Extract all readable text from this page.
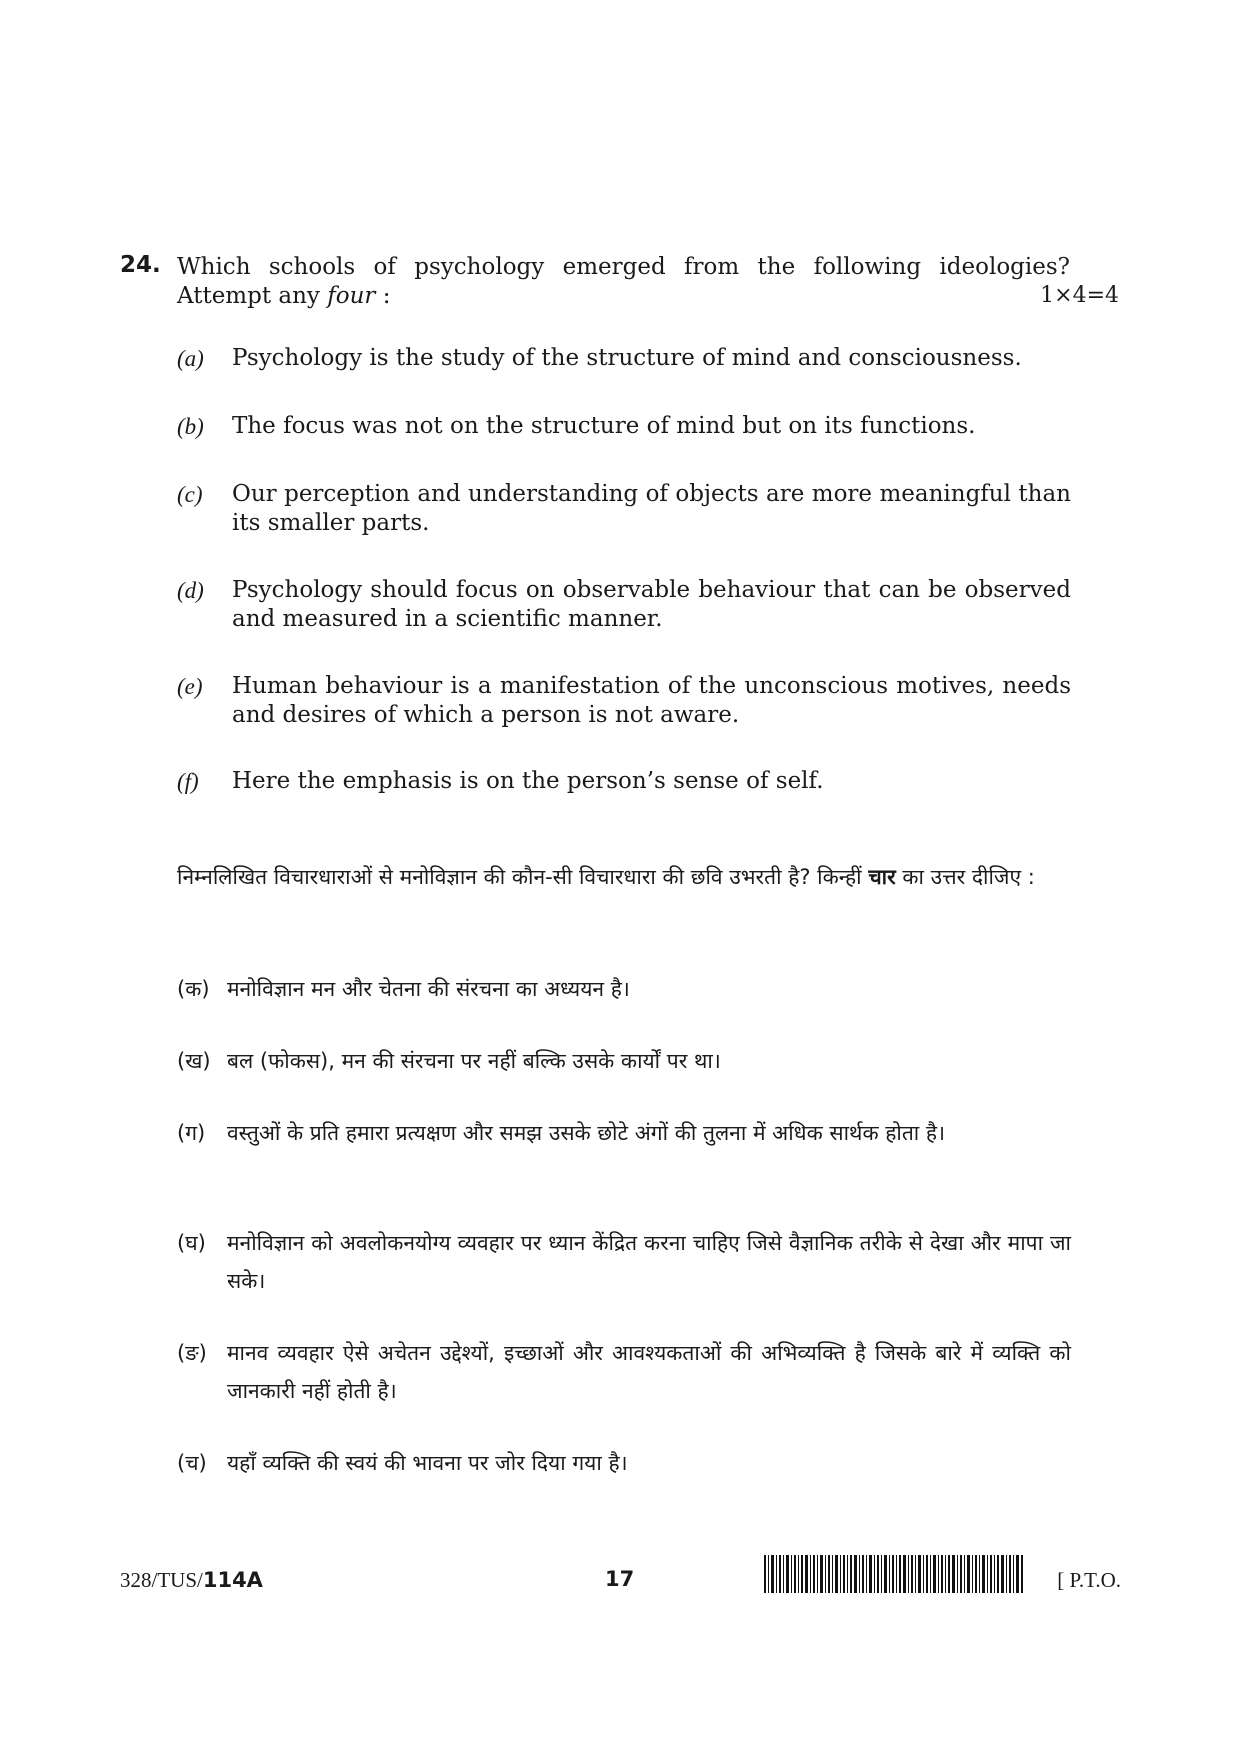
24. Which schools of psychology emerged from the following ideologies?
Attempt any four :	1×4=4
(a) Psychology is the study of the structure of mind and consciousness.
(b) The focus was not on the structure of mind but on its functions.
(c) Our perception and understanding of objects are more meaningful than its smaller parts.
(d) Psychology should focus on observable behaviour that can be observed and measured in a scientific manner.
(e) Human behaviour is a manifestation of the unconscious motives, needs and desires of which a person is not aware.
(f) Here the emphasis is on the person’s sense of self.
निम्नलिखित विचारधाराओं से मनोविज्ञान की कौन-सी विचारधारा की छवि उभरती है? किन्हीं चार का उत्तर दीजिए :
(क) मनोविज्ञान मन और चेतना की संरचना का अध्ययन है।
(ख) बल (फोकस), मन की संरचना पर नहीं बल्कि उसके कार्यों पर था।
(ग) वस्तुओं के प्रति हमारा प्रत्यक्षण और समझ उसके छोटे अंगों की तुलना में अधिक सार्थक होता है।
(घ) मनोविज्ञान को अवलोकनयोग्य व्यवहार पर ध्यान केंद्रित करना चाहिए जिसे वैज्ञानिक तरीके से देखा और मापा जा सके।
(ङ) मानव व्यवहार ऐसे अचेतन उद्देश्यों, इच्छाओं और आवश्यकताओं की अभिव्यक्ति है जिसके बारे में व्यक्ति को जानकारी नहीं होती है।
(च) यहाँ व्यक्ति की स्वयं की भावना पर जोर दिया गया है।
328/TUS/114A	17	[ P.T.O.
